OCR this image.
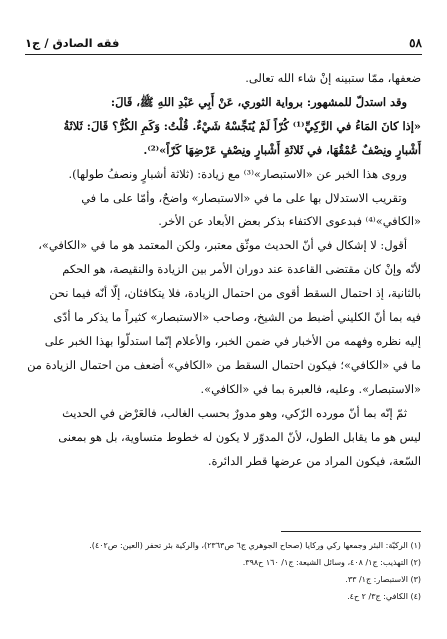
٥٨
فقه الصادق / ج١

ضعفها، ممّا ستبينه إنْ شاء الله تعالى.

وقد استدلّ للمشهور: برواية الثوري، عَنْ أَبِي عَبْدِ اللهِ ﷺ، قَالَ:

«إذا كانَ المَاءُ في الرَّكِيِّ⁽¹⁾ كُرّاً لَمْ يُنَجِّسْهُ شَيْءٌ. قُلْتُ: وَكَمِ الكُرُّ؟ قَالَ: ثَلاثَةُ

أَشْبارٍ ونِصْفٌ عُمْقُهَا، في ثَلاثَةِ أَشْبارٍ ونِصْفٍ عَرْضِهَا كَرّاً»⁽²⁾.

وروى هذا الخبر عن «الاستبصار»⁽³⁾ مع زيادة: (ثلاثة أشبارٍ ونصفُ طولها).

وتقريب الاستدلال بها على ما في «الاستبصار» واضحٌ، وأمّا على ما في

«الكافي»⁽⁴⁾ فبدعوى الاكتفاء بذكر بعض الأبعاد عن الأخر.

أقول: لا إشكال في أنّ الحديث موثّق معتبر، ولكن المعتمد هو ما في «الكافي»،

لأنّه وإنْ كان مقتضى القاعدة عند دوران الأمر بين الزيادة والنقيصة، هو الحكم

بالثانية، إذ احتمال السقط أقوى من احتمال الزيادة، فلا يتكافئان، إلّا أنّه فيما نحن

فيه بما أنّ الكليني أضبط من الشيخ، وصاحب «الاستبصار» كثيراً ما يذكر ما أدّى

إليه نظره وفهمه من الأخبار في ضمن الخبر، والأعلام إنّما استدلّوا بهذا الخبر على

ما في «الكافي»؛ فيكون احتمال السقط من «الكافي» أضعف من احتمال الزيادة من

«الاستبصار». وعليه، فالعبرة بما في «الكافي».

ثمّ إنّه بما أنّ مورده الرّكي، وهو مدورٌ بحسب الغالب، فالعَرْض في الحديث

ليس هو ما يقابل الطول، لأنّ المدوّر لا يكون له خطوط متساوية، بل هو بمعنى

السّعة، فيكون المراد من عرضها قطر الدائرة.

(١) الركيّة: البئر وجمعها ركي وركايا (صحاح الجوهري ج٦ ص٢٣٦٣)، والركية بئر تحفر (العين: ص٤٠٢).
(٢) التهذيب: ج١/ ٤٠٨، وسائل الشيعة: ج١/ ١٦٠ ح٣٩٨.
(٣) الاستبصار: ج١/ ٣٣.
(٤) الكافي: ج٣/ ٢ ح٤.
